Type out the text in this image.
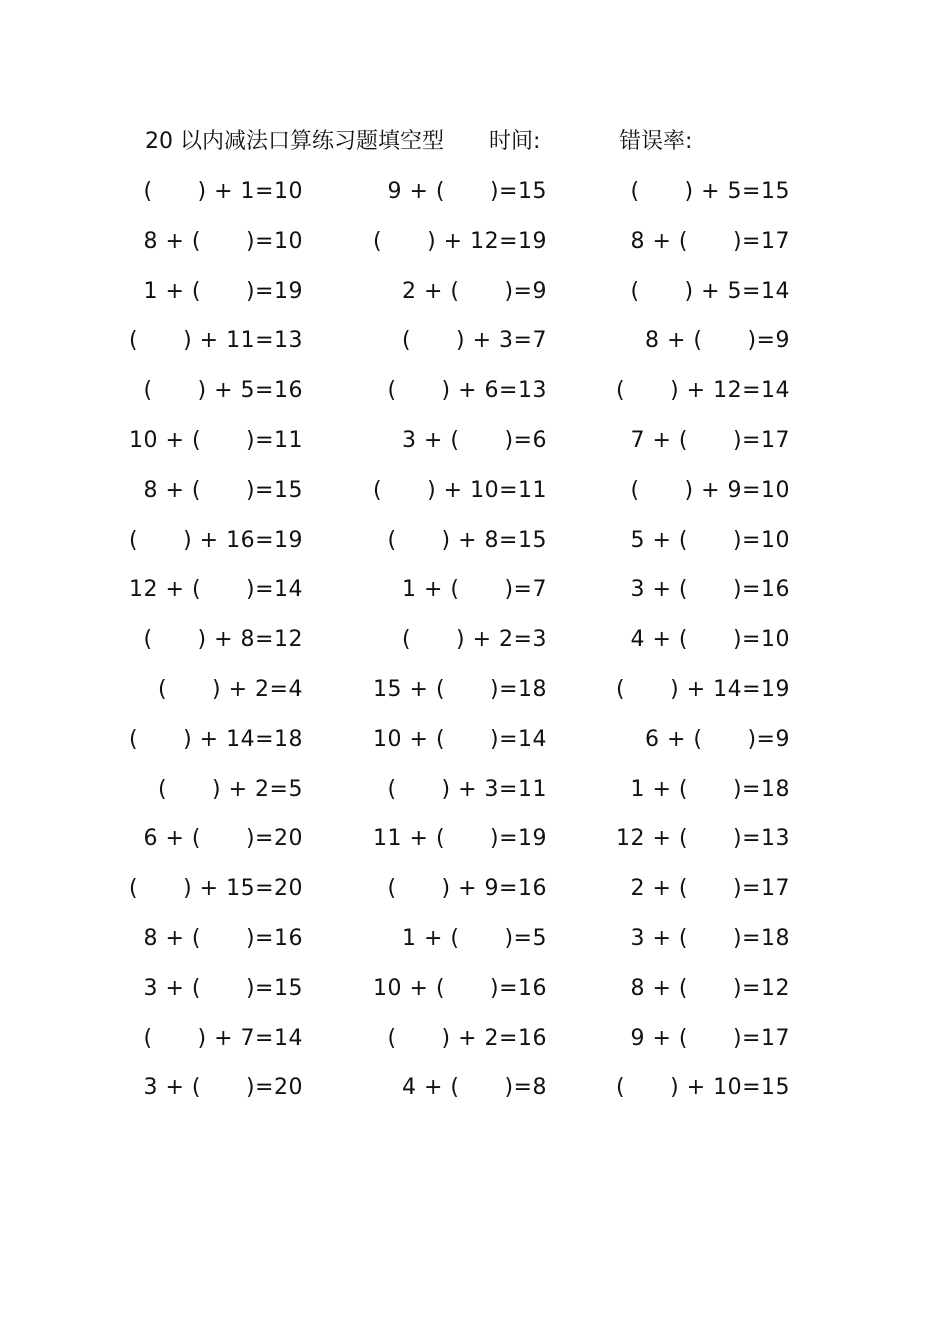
20 以内减法口算练习题填空型 时间:	错误率:
(      ) + 1=10	9 + (      )=15	(      ) + 5=15
8 + (      )=10	(      ) + 12=19	8 + (      )=17
1 + (      )=19	2 + (      )=9	(      ) + 5=14
(      ) + 11=13	(      ) + 3=7	8 + (      )=9
(      ) + 5=16	(      ) + 6=13	(      ) + 12=14
10 + (      )=11	3 + (      )=6	7 + (      )=17
8 + (      )=15	(      ) + 10=11	(      ) + 9=10
(      ) + 16=19	(      ) + 8=15	5 + (      )=10
12 + (      )=14	1 + (      )=7	3 + (      )=16
(      ) + 8=12	(      ) + 2=3	4 + (      )=10
(      ) + 2=4	15 + (      )=18	(      ) + 14=19
(      ) + 14=18	10 + (      )=14	6 + (      )=9
(      ) + 2=5	(      ) + 3=11	1 + (      )=18
6 + (      )=20	11 + (      )=19	12 + (      )=13
(      ) + 15=20	(      ) + 9=16	2 + (      )=17
8 + (      )=16	1 + (      )=5	3 + (      )=18
3 + (      )=15	10 + (      )=16	8 + (      )=12
(      ) + 7=14	(      ) + 2=16	9 + (      )=17
3 + (      )=20	4 + (      )=8	(      ) + 10=15
